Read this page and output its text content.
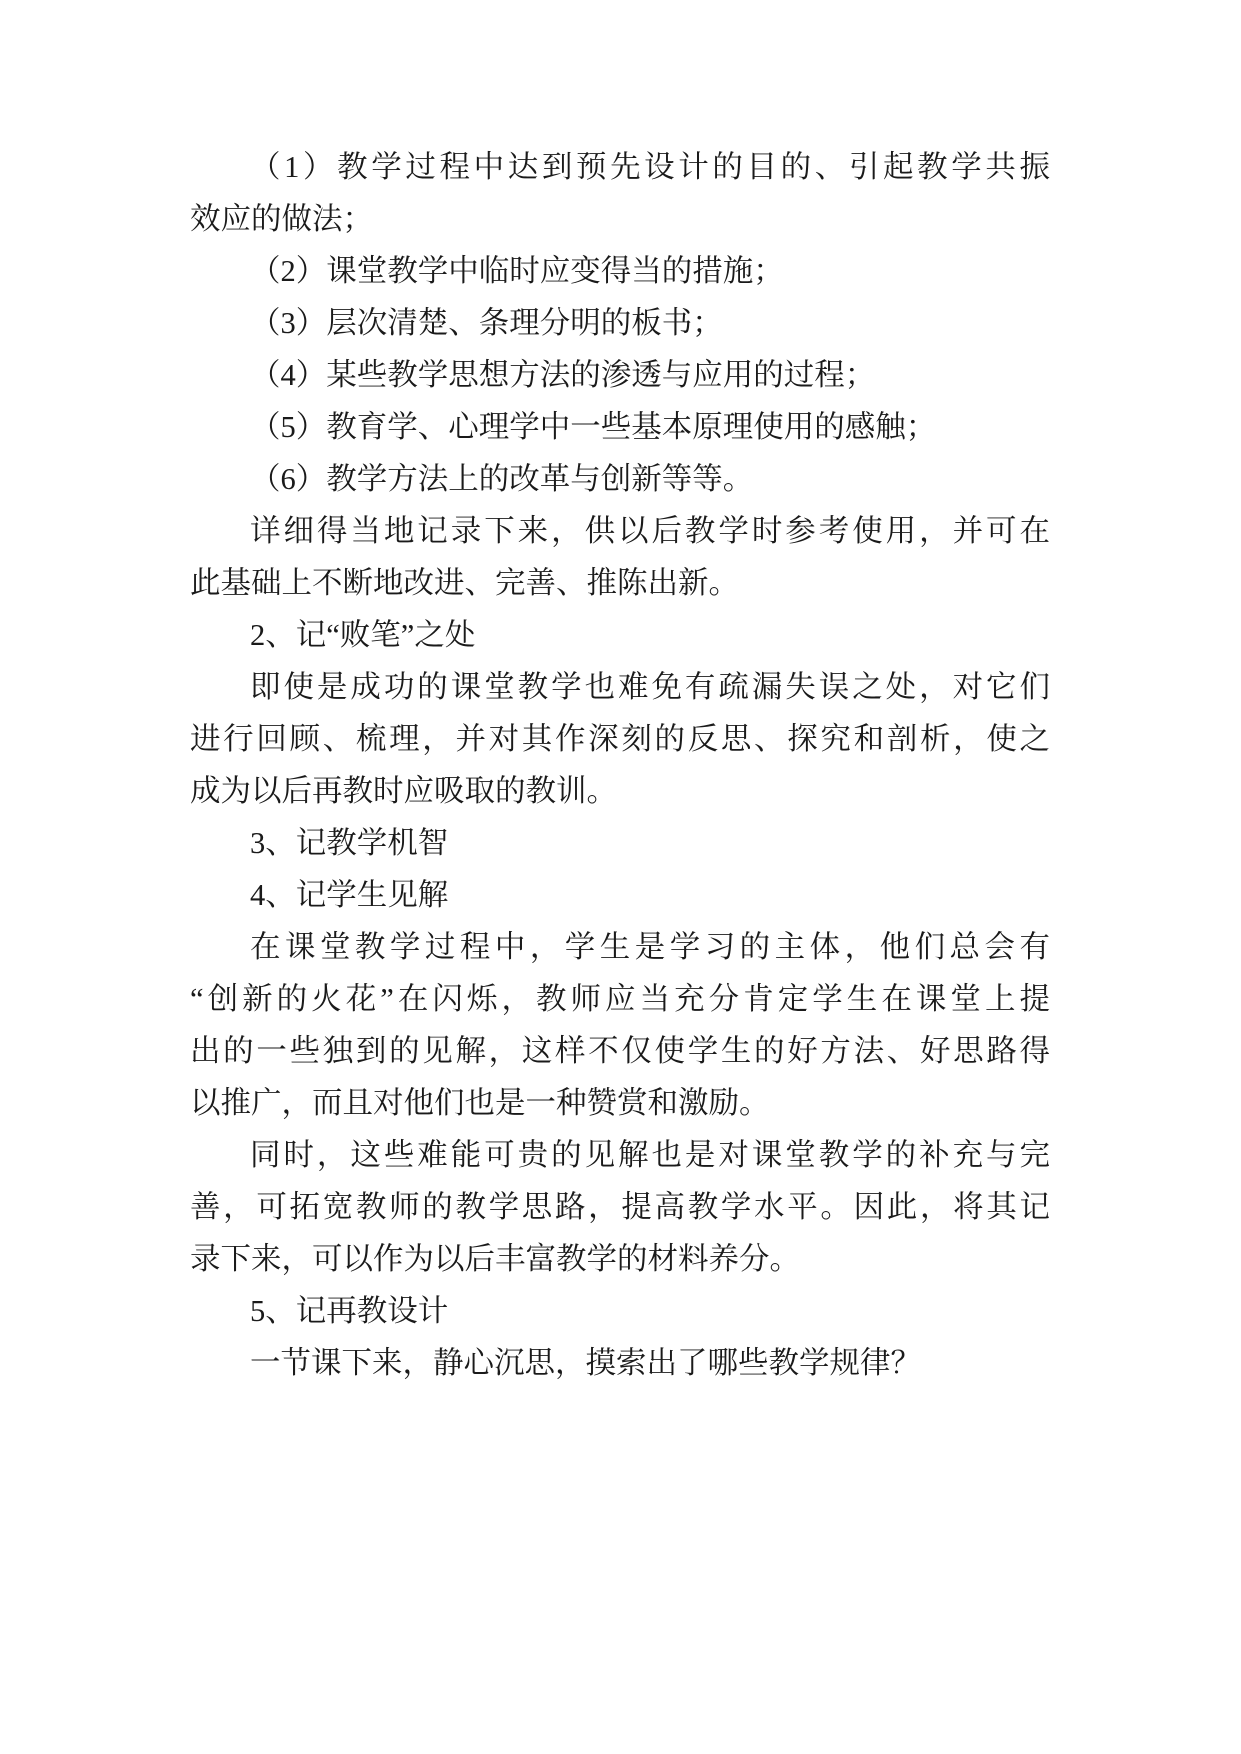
（1）教学过程中达到预先设计的目的、引起教学共振
效应的做法；
（2）课堂教学中临时应变得当的措施；
（3）层次清楚、条理分明的板书；
（4）某些教学思想方法的渗透与应用的过程；
（5）教育学、心理学中一些基本原理使用的感触；
（6）教学方法上的改革与创新等等。
详细得当地记录下来，供以后教学时参考使用，并可在
此基础上不断地改进、完善、推陈出新。
2、记“败笔”之处
即使是成功的课堂教学也难免有疏漏失误之处，对它们
进行回顾、梳理，并对其作深刻的反思、探究和剖析，使之
成为以后再教时应吸取的教训。
3、记教学机智
4、记学生见解
在课堂教学过程中，学生是学习的主体，他们总会有
“创新的火花”在闪烁，教师应当充分肯定学生在课堂上提
出的一些独到的见解，这样不仅使学生的好方法、好思路得
以推广，而且对他们也是一种赞赏和激励。
同时，这些难能可贵的见解也是对课堂教学的补充与完
善，可拓宽教师的教学思路，提高教学水平。因此，将其记
录下来，可以作为以后丰富教学的材料养分。
5、记再教设计
一节课下来，静心沉思，摸索出了哪些教学规律？
